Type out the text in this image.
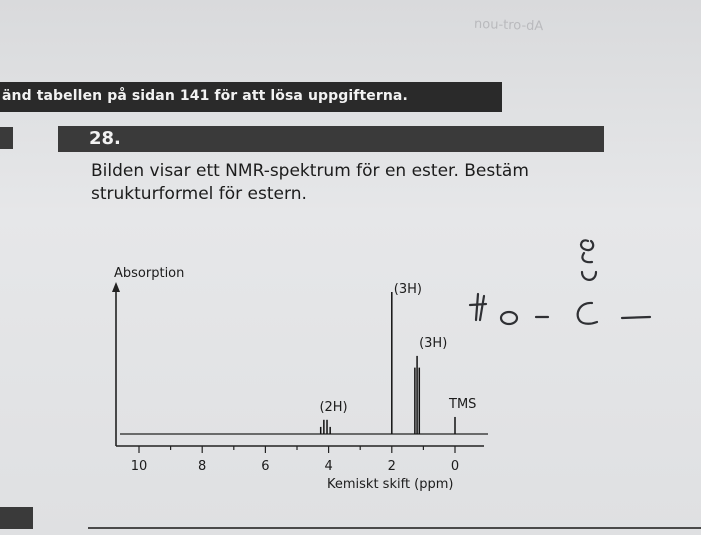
änd tabellen på sidan 141 för att lösa uppgifterna.
28.
nou-tro-dA
Bilden visar ett NMR-spektrum för en ester. Bestäm strukturformel för estern.
10	8	6	4	2	0
(2H)
(3H)
(3H)
TMS
Absorption
Kemiskt skift (ppm)
